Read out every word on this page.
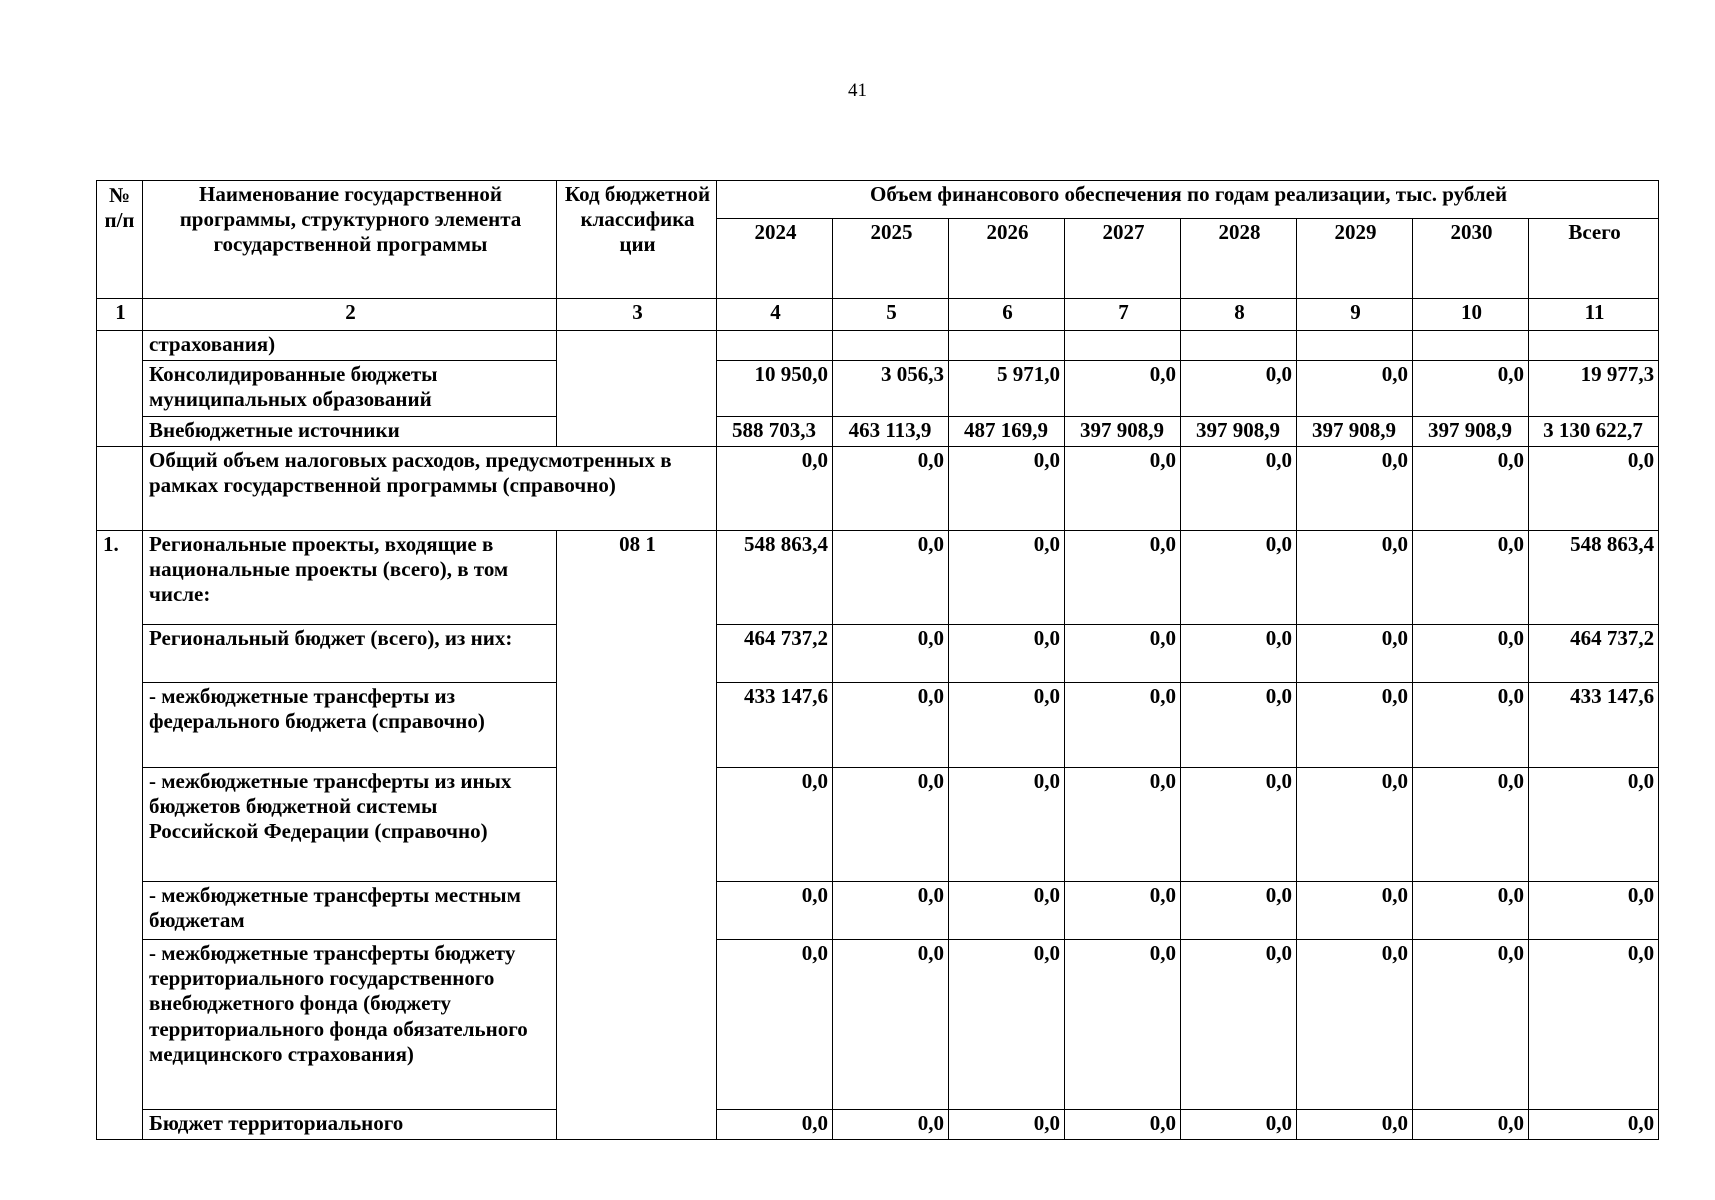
41
№ п/п	Наименование государственной программы, структурного элемента государственной программы	Код бюджетной классифика ции	Объем финансового обеспечения по годам реализации, тыс. рублей							
			2024	2025	2026	2027	2028	2029	2030	Всего
1	2	3	4	5	6	7	8	9	10	11
	страхования)									
	Консолидированные бюджеты муниципальных образований		10 950,0	3 056,3	5 971,0	0,0	0,0	0,0	0,0	19 977,3
	Внебюджетные источники		588 703,3	463 113,9	487 169,9	397 908,9	397 908,9	397 908,9	397 908,9	3 130 622,7
	Общий объем налоговых расходов, предусмотренных в рамках государственной программы (справочно)		0,0	0,0	0,0	0,0	0,0	0,0	0,0	0,0
1.	Региональные проекты, входящие в национальные проекты (всего), в том числе:	08 1	548 863,4	0,0	0,0	0,0	0,0	0,0	0,0	548 863,4
	Региональный бюджет (всего), из них:		464 737,2	0,0	0,0	0,0	0,0	0,0	0,0	464 737,2
	- межбюджетные трансферты из федерального бюджета (справочно)		433 147,6	0,0	0,0	0,0	0,0	0,0	0,0	433 147,6
	- межбюджетные трансферты из иных бюджетов бюджетной системы Российской Федерации (справочно)		0,0	0,0	0,0	0,0	0,0	0,0	0,0	0,0
	- межбюджетные трансферты местным бюджетам		0,0	0,0	0,0	0,0	0,0	0,0	0,0	0,0
	- межбюджетные трансферты бюджету территориального государственного внебюджетного фонда (бюджету территориального фонда обязательного медицинского страхования)		0,0	0,0	0,0	0,0	0,0	0,0	0,0	0,0
	Бюджет территориального		0,0	0,0	0,0	0,0	0,0	0,0	0,0	0,0
